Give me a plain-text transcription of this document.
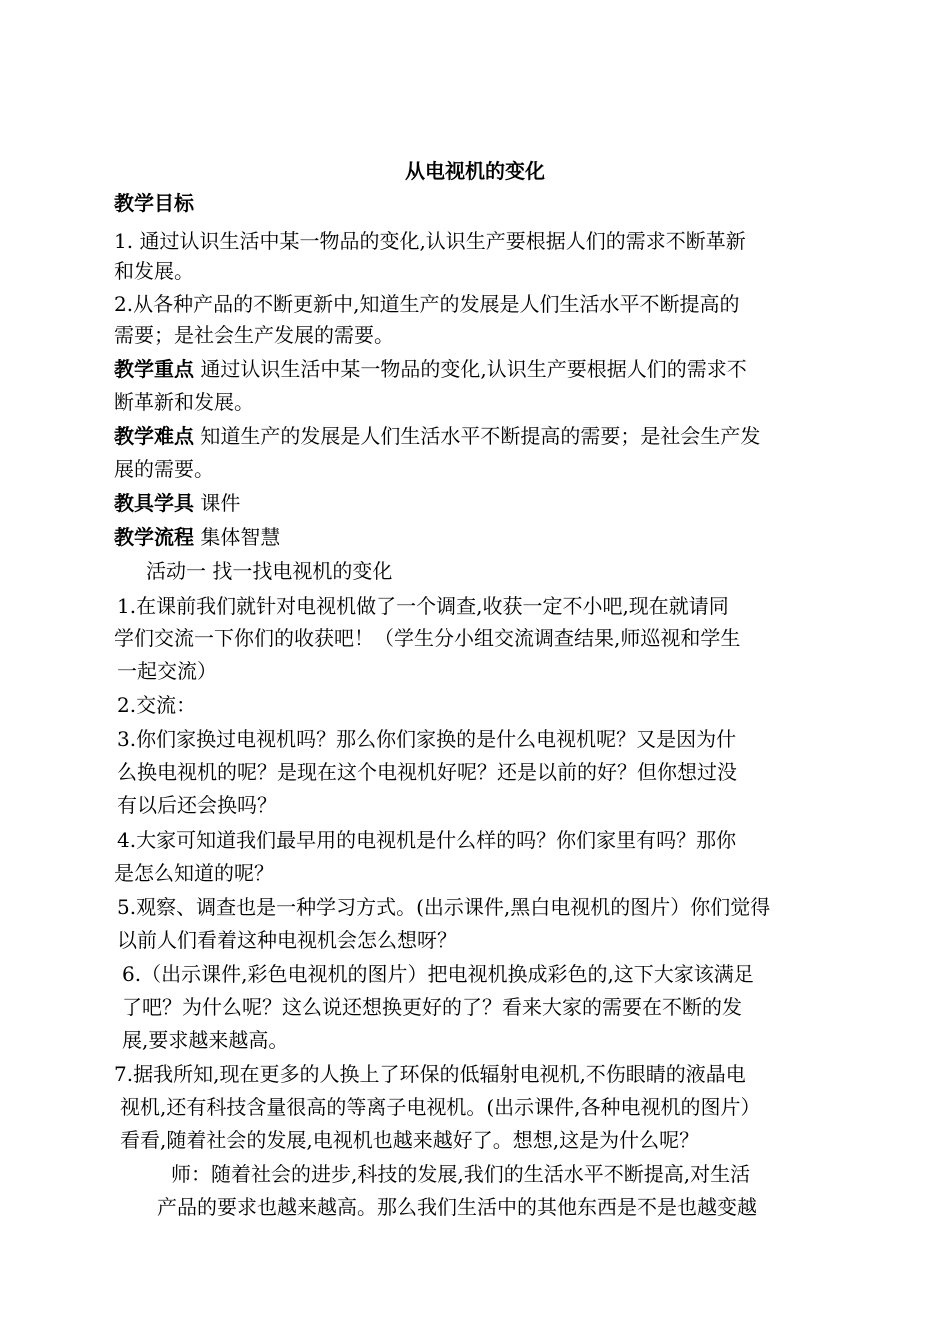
从电视机的变化
教学目标
1. 通过认识生活中某一物品的变化,认识生产要根据人们的需求不断革新
和发展。
2.从各种产品的不断更新中,知道生产的发展是人们生活水平不断提高的
需要；是社会生产发展的需要。
教学重点 通过认识生活中某一物品的变化,认识生产要根据人们的需求不
断革新和发展。
教学难点 知道生产的发展是人们生活水平不断提高的需要；是社会生产发
展的需要。
教具学具 课件
教学流程 集体智慧
活动一 找一找电视机的变化
1.在课前我们就针对电视机做了一个调查,收获一定不小吧,现在就请同
学们交流一下你们的收获吧！（学生分小组交流调查结果,师巡视和学生
一起交流）
2.交流：
3.你们家换过电视机吗？那么你们家换的是什么电视机呢？又是因为什
么换电视机的呢？是现在这个电视机好呢？还是以前的好？但你想过没
有以后还会换吗？
4.大家可知道我们最早用的电视机是什么样的吗？你们家里有吗？那你
是怎么知道的呢？
5.观察、调查也是一种学习方式。(出示课件,黑白电视机的图片）你们觉得
以前人们看着这种电视机会怎么想呀？
6.（出示课件,彩色电视机的图片）把电视机换成彩色的,这下大家该满足
了吧？为什么呢？这么说还想换更好的了？看来大家的需要在不断的发
展,要求越来越高。
7.据我所知,现在更多的人换上了环保的低辐射电视机,不伤眼睛的液晶电
视机,还有科技含量很高的等离子电视机。(出示课件,各种电视机的图片）
看看,随着社会的发展,电视机也越来越好了。想想,这是为什么呢？
师：随着社会的进步,科技的发展,我们的生活水平不断提高,对生活
产品的要求也越来越高。那么我们生活中的其他东西是不是也越变越
